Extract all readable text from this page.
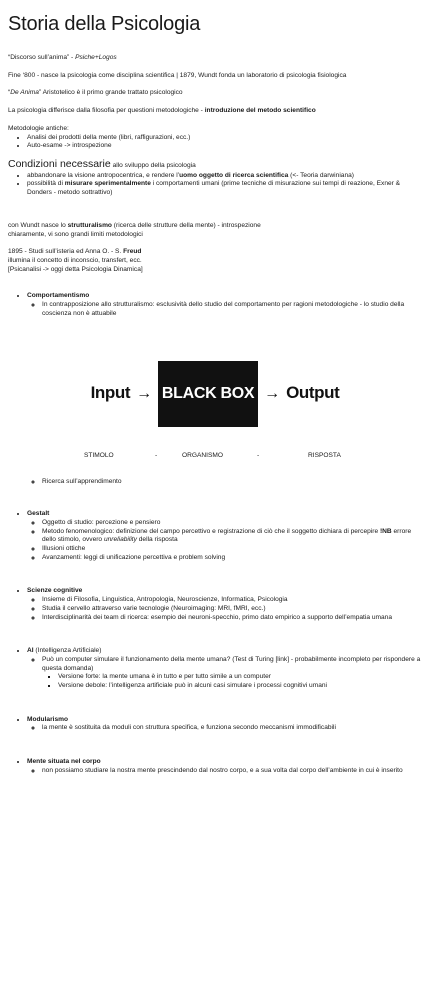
Storia della Psicologia

“Discorso sull’anima” - Psiche+Logos

Fine ‘800 - nasce la psicologia come disciplina scientifica | 1879, Wundt fonda un laboratorio di psicologia fisiologica

“De Anima” Aristotelico è il primo grande trattato psicologico

La psicologia differisce dalla filosofia per questioni metodologiche - introduzione del metodo scientifico

Metodologie antiche:

• Analisi dei prodotti della mente (libri, raffigurazioni, ecc.)
• Auto-esame -> introspezione

Condizioni necessarie allo sviluppo della psicologia

• abbandonare la visione antropocentrica, e rendere l’uomo oggetto di ricerca scientifica (<- Teoria darwiniana)
• possibilità di misurare sperimentalmente i comportamenti umani (prime tecniche di misurazione sui tempi di reazione, Exner & Donders - metodo sottrattivo)

con Wundt nasce lo strutturalismo (ricerca delle strutture della mente) - introspezione

chiaramente, vi sono grandi limiti metodologici

1895 - Studi sull’isteria ed Anna O. - S. Freud

illumina il concetto di inconscio, transfert, ecc.

[Psicanalisi -> oggi detta Psicologia Dinamica]

• Comportamentismo
◦ In contrapposizione allo strutturalismo: esclusività dello studio del comportamento per ragioni metodologiche - lo studio della coscienza non è attuabile
Input → BLACK BOX → Output
STIMOLO	-	ORGANISMO	-	RISPOSTA
◦ Ricerca sull’apprendimento
• Gestalt
◦ Oggetto di studio: percezione e pensiero
◦ Metodo fenomenologico: definizione del campo percettivo e registrazione di ciò che il soggetto dichiara di percepire !NB errore dello stimolo, ovvero unreliability della risposta
◦ Illusioni ottiche
◦ Avanzamenti: leggi di unificazione percettiva e problem solving
• Scienze cognitive
◦ Insieme di Filosofia, Linguistica, Antropologia, Neuroscienze, Informatica, Psicologia
◦ Studia il cervello attraverso varie tecnologie (Neuroimaging: MRI, fMRI, ecc.)
◦ Interdisciplinarità dei team di ricerca: esempio dei neuroni-specchio, primo dato empirico a supporto dell’empatia umana
• AI (Intelligenza Artificiale)
◦ Può un computer simulare il funzionamento della mente umana? (Test di Turing [link] - probabilmente incompleto per rispondere a questa domanda)
▪ Versione forte: la mente umana è in tutto e per tutto simile a un computer
▪ Versione debole: l’intelligenza artificiale può in alcuni casi simulare i processi cognitivi umani
• Modularismo
◦ la mente è sostituita da moduli con struttura specifica, e funziona secondo meccanismi immodificabili
• Mente situata nel corpo
◦ non possiamo studiare la nostra mente prescindendo dal nostro corpo, e a sua volta dal corpo dell’ambiente in cui è inserito
